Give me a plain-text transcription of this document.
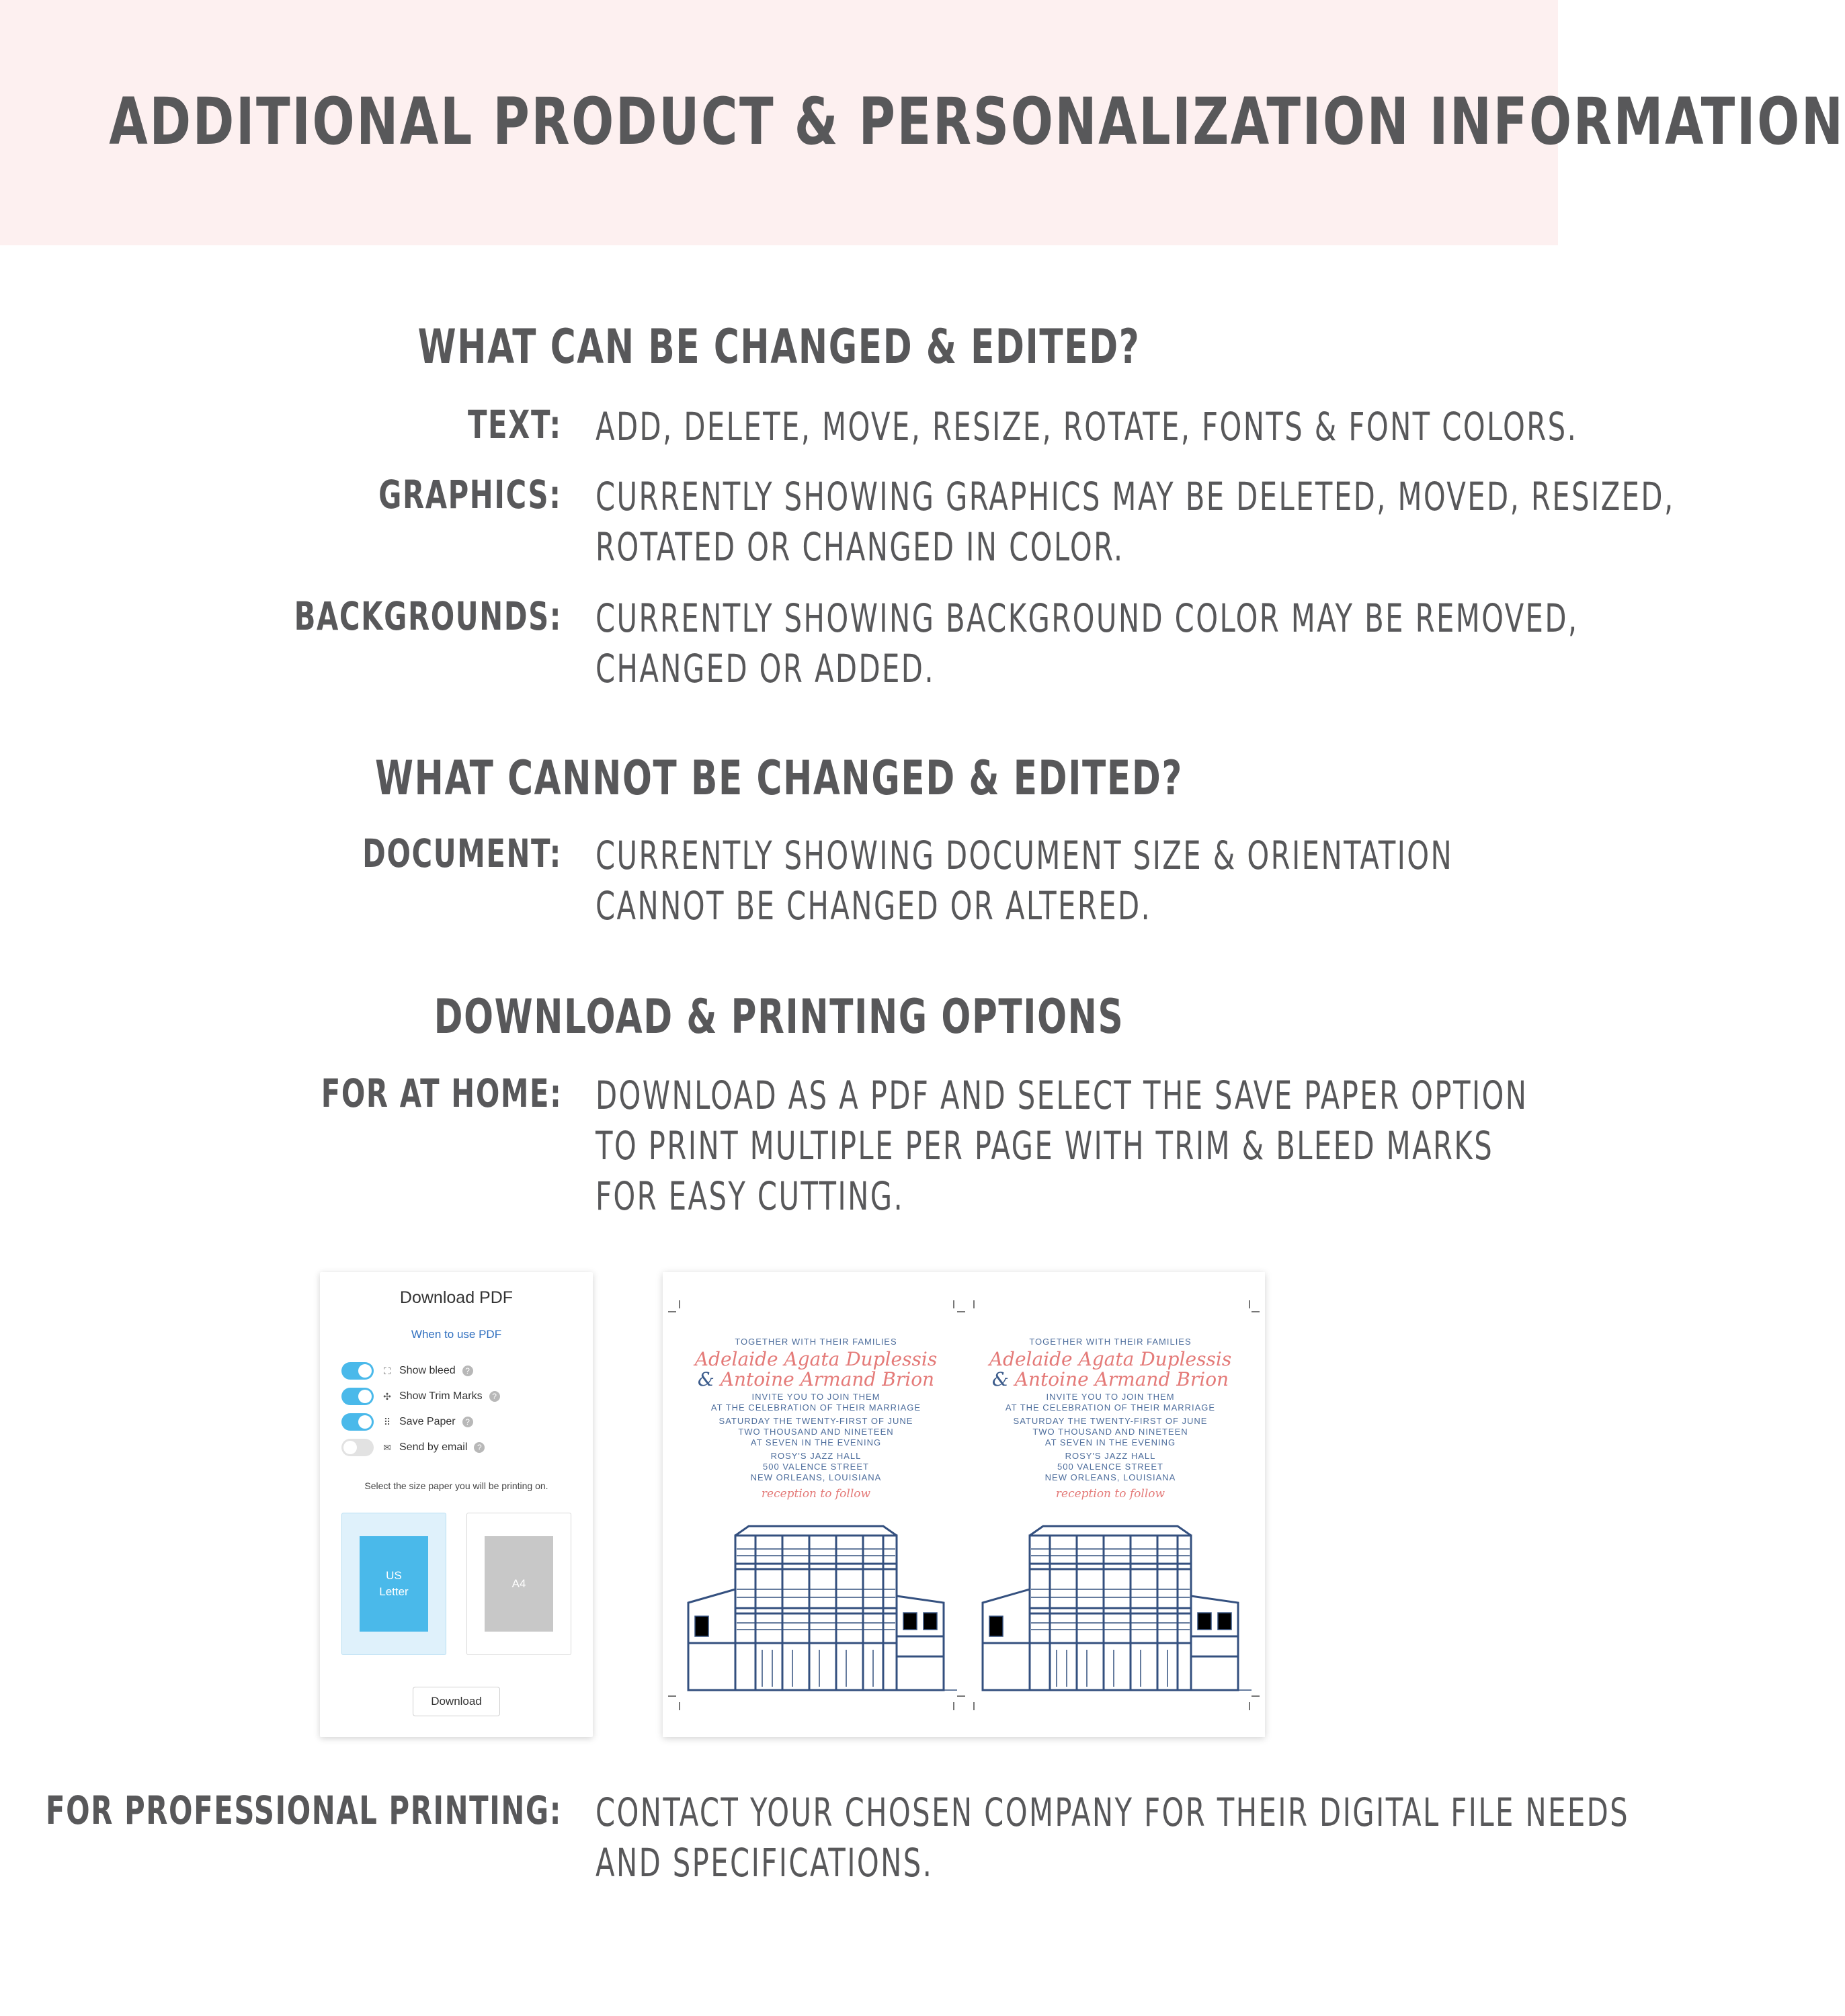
ADDITIONAL PRODUCT & PERSONALIZATION INFORMATION
WHAT CAN BE CHANGED & EDITED?
TEXT: ADD, DELETE, MOVE, RESIZE, ROTATE, FONTS & FONT COLORS.
GRAPHICS: CURRENTLY SHOWING GRAPHICS MAY BE DELETED, MOVED, RESIZED,
ROTATED OR CHANGED IN COLOR.
BACKGROUNDS: CURRENTLY SHOWING BACKGROUND COLOR MAY BE REMOVED,
CHANGED OR ADDED.
WHAT CANNOT BE CHANGED & EDITED?
DOCUMENT: CURRENTLY SHOWING DOCUMENT SIZE & ORIENTATION
CANNOT BE CHANGED OR ALTERED.
DOWNLOAD & PRINTING OPTIONS
FOR AT HOME: DOWNLOAD AS A PDF AND SELECT THE SAVE PAPER OPTION
TO PRINT MULTIPLE PER PAGE WITH TRIM & BLEED MARKS
FOR EASY CUTTING.
Download PDF
When to use PDF
⛶ Show bleed	?
✣ Show Trim Marks	?
⠿ Save Paper	?
✉ Send by email	?
Select the size paper you will be printing on.
US
Letter
A4
Download
TOGETHER WITH THEIR FAMILIES
Adelaide Agata Duplessis
& Antoine Armand Brion
INVITE YOU TO JOIN THEM
AT THE CELEBRATION OF THEIR MARRIAGE
SATURDAY THE TWENTY-FIRST OF JUNE
TWO THOUSAND AND NINETEEN
AT SEVEN IN THE EVENING
ROSY'S JAZZ HALL
500 VALENCE STREET
NEW ORLEANS, LOUISIANA
reception to follow
TOGETHER WITH THEIR FAMILIES
Adelaide Agata Duplessis
& Antoine Armand Brion
INVITE YOU TO JOIN THEM
AT THE CELEBRATION OF THEIR MARRIAGE
SATURDAY THE TWENTY-FIRST OF JUNE
TWO THOUSAND AND NINETEEN
AT SEVEN IN THE EVENING
ROSY'S JAZZ HALL
500 VALENCE STREET
NEW ORLEANS, LOUISIANA
reception to follow
FOR PROFESSIONAL PRINTING: CONTACT YOUR CHOSEN COMPANY FOR THEIR DIGITAL FILE NEEDS
AND SPECIFICATIONS.
